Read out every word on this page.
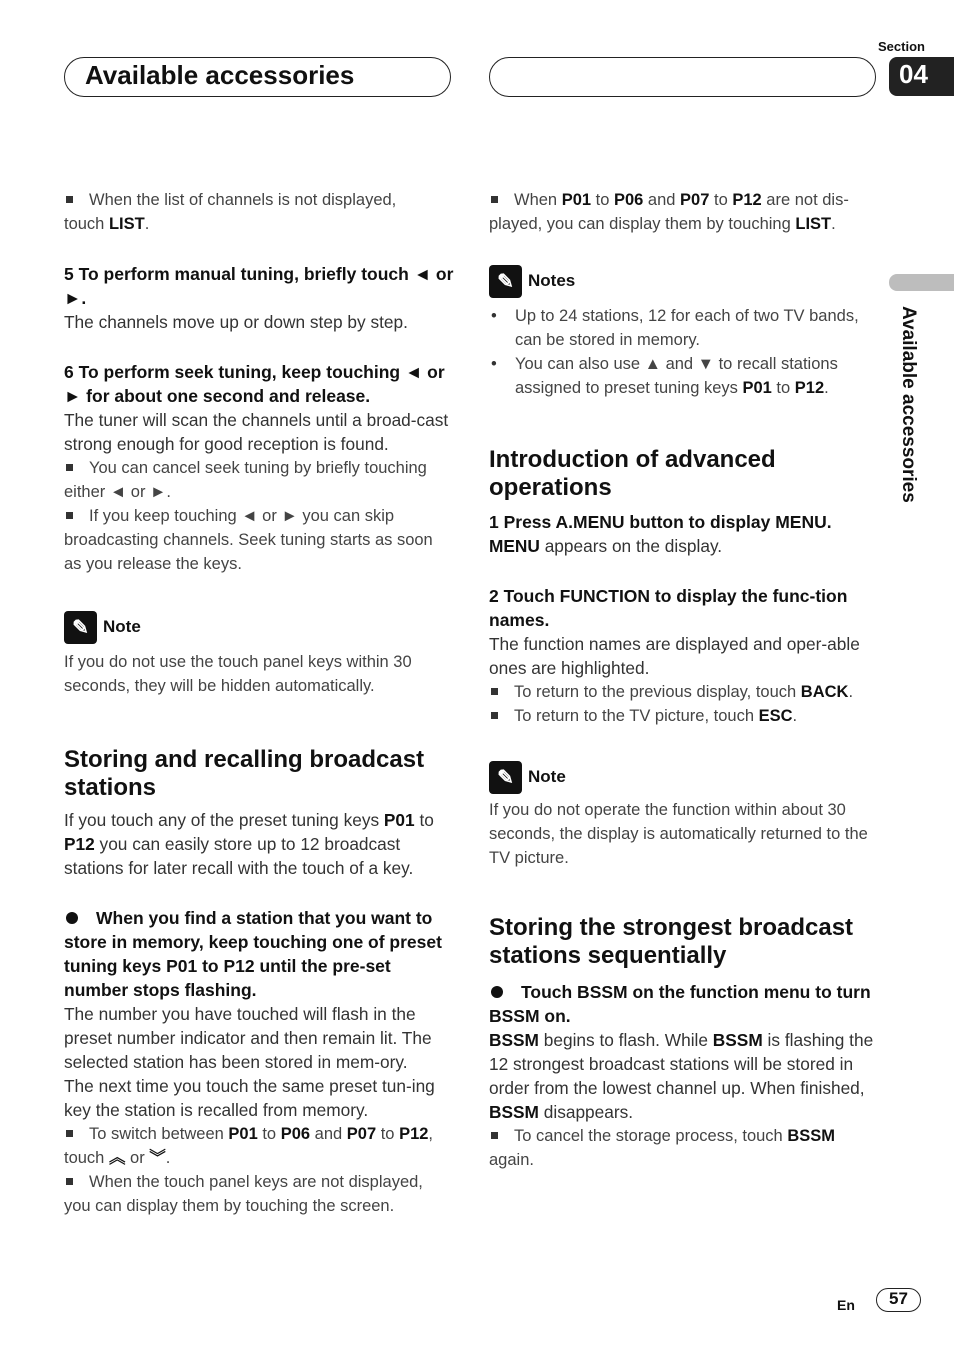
Available accessories
Section
04
Available accessories

When the list of channels is not displayed,
touch LIST.

5 To perform manual tuning, briefly touch ◄ or ►.

The channels move up or down step by step.

6 To perform seek tuning, keep touching ◄ or ► for about one second and release.

The tuner will scan the channels until a broad-cast strong enough for good reception is found.

You can cancel seek tuning by briefly touching either ◄ or ►.

If you keep touching ◄ or ► you can skip broadcasting channels. Seek tuning starts as soon as you release the keys.

✎ Note

If you do not use the touch panel keys within 30 seconds, they will be hidden automatically.

Storing and recalling broadcast stations

If you touch any of the preset tuning keys P01 to P12 you can easily store up to 12 broadcast stations for later recall with the touch of a key.

When you find a station that you want to store in memory, keep touching one of preset tuning keys P01 to P12 until the pre-set number stops flashing.

The number you have touched will flash in the preset number indicator and then remain lit. The selected station has been stored in mem-ory.

The next time you touch the same preset tun-ing key the station is recalled from memory.

To switch between P01 to P06 and P07 to P12, touch ︽ or ︾.

When the touch panel keys are not displayed, you can display them by touching the screen.

When P01 to P06 and P07 to P12 are not dis-played, you can display them by touching LIST.

✎ Notes

• Up to 24 stations, 12 for each of two TV bands, can be stored in memory.

• You can also use ▲ and ▼ to recall stations assigned to preset tuning keys P01 to P12.

Introduction of advanced operations

1 Press A.MENU button to display MENU.

MENU appears on the display.

2 Touch FUNCTION to display the func-tion names.

The function names are displayed and oper-able ones are highlighted.

To return to the previous display, touch BACK.

To return to the TV picture, touch ESC.

✎ Note

If you do not operate the function within about 30 seconds, the display is automatically returned to the TV picture.

Storing the strongest broadcast stations sequentially

Touch BSSM on the function menu to turn BSSM on.

BSSM begins to flash. While BSSM is flashing the 12 strongest broadcast stations will be stored in order from the lowest channel up. When finished, BSSM disappears.

To cancel the storage process, touch BSSM again.

En	57
